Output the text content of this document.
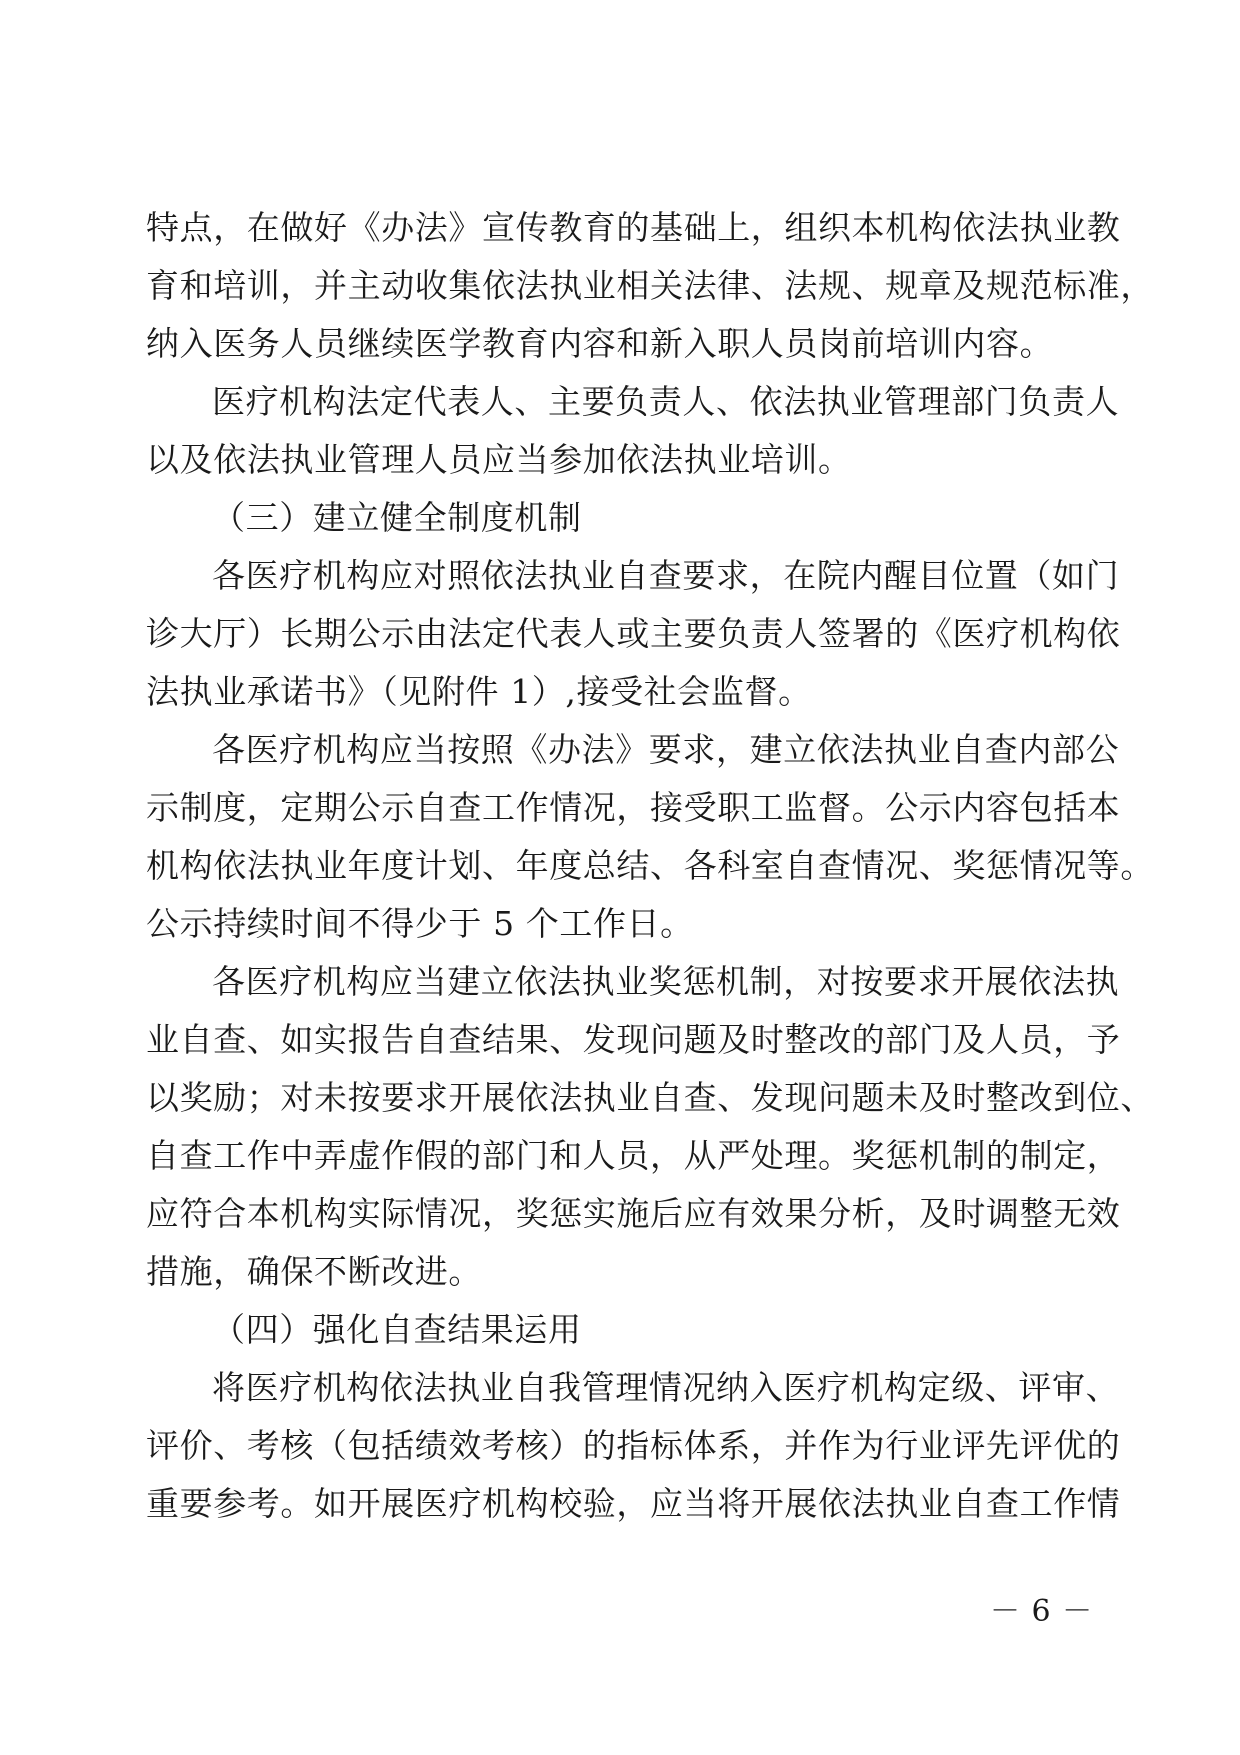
特点，在做好《办法》宣传教育的基础上，组织本机构依法执业教
育和培训，并主动收集依法执业相关法律、法规、规章及规范标准，
纳入医务人员继续医学教育内容和新入职人员岗前培训内容。
医疗机构法定代表人、主要负责人、依法执业管理部门负责人
以及依法执业管理人员应当参加依法执业培训。
（三）建立健全制度机制
各医疗机构应对照依法执业自查要求，在院内醒目位置（如门
诊大厅）长期公示由法定代表人或主要负责人签署的《医疗机构依
法执业承诺书》（见附件 1）,接受社会监督。
各医疗机构应当按照《办法》要求，建立依法执业自查内部公
示制度，定期公示自查工作情况，接受职工监督。公示内容包括本
机构依法执业年度计划、年度总结、各科室自查情况、奖惩情况等。
公示持续时间不得少于 5 个工作日。
各医疗机构应当建立依法执业奖惩机制，对按要求开展依法执
业自查、如实报告自查结果、发现问题及时整改的部门及人员，予
以奖励；对未按要求开展依法执业自查、发现问题未及时整改到位、
自查工作中弄虚作假的部门和人员，从严处理。奖惩机制的制定，
应符合本机构实际情况，奖惩实施后应有效果分析，及时调整无效
措施，确保不断改进。
（四）强化自查结果运用
将医疗机构依法执业自我管理情况纳入医疗机构定级、评审、
评价、考核（包括绩效考核）的指标体系，并作为行业评先评优的
重要参考。如开展医疗机构校验，应当将开展依法执业自查工作情
－ 6 －
